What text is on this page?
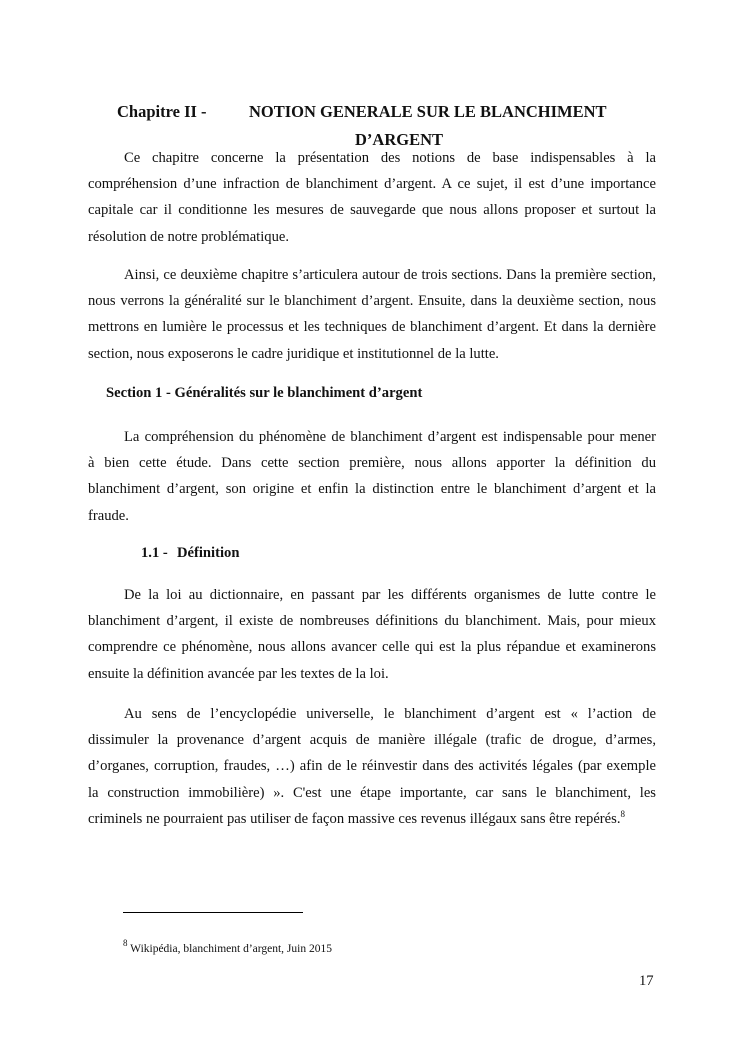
Chapitre II -	NOTION GENERALE SUR LE BLANCHIMENT
D’ARGENT
Ce chapitre concerne la présentation des notions de base indispensables à la
compréhension d’une infraction de blanchiment d’argent. A ce sujet, il est d’une importance
capitale car il conditionne les mesures de sauvegarde que nous allons proposer et surtout la
résolution de notre problématique.
Ainsi, ce deuxième chapitre s’articulera autour de trois sections. Dans la première section,
nous verrons la généralité sur le blanchiment d’argent. Ensuite, dans la deuxième section, nous
mettrons en lumière le processus et les techniques de blanchiment d’argent. Et dans la dernière
section, nous exposerons le cadre juridique et institutionnel de la lutte.
Section 1 - Généralités sur le blanchiment d’argent
La compréhension du phénomène de blanchiment d’argent est indispensable pour mener
à bien cette étude. Dans cette section première, nous allons apporter la définition du
blanchiment d’argent, son origine et enfin la distinction entre le blanchiment d’argent et la
fraude.
1.1 - Définition
De la loi au dictionnaire, en passant par les différents organismes de lutte contre le
blanchiment d’argent, il existe de nombreuses définitions du blanchiment. Mais, pour mieux
comprendre ce phénomène, nous allons avancer celle qui est la plus répandue et examinerons
ensuite la définition avancée par les textes de la loi.
Au sens de l’encyclopédie universelle, le blanchiment d’argent est « l’action de
dissimuler la provenance d’argent acquis de manière illégale (trafic de drogue, d’armes,
d’organes, corruption, fraudes, …) afin de le réinvestir dans des activités légales (par exemple
la construction immobilière) ». C'est une étape importante, car sans le blanchiment, les
criminels ne pourraient pas utiliser de façon massive ces revenus illégaux sans être repérés.$^8$
$^8$ Wikipédia, blanchiment d’argent, Juin 2015
17
